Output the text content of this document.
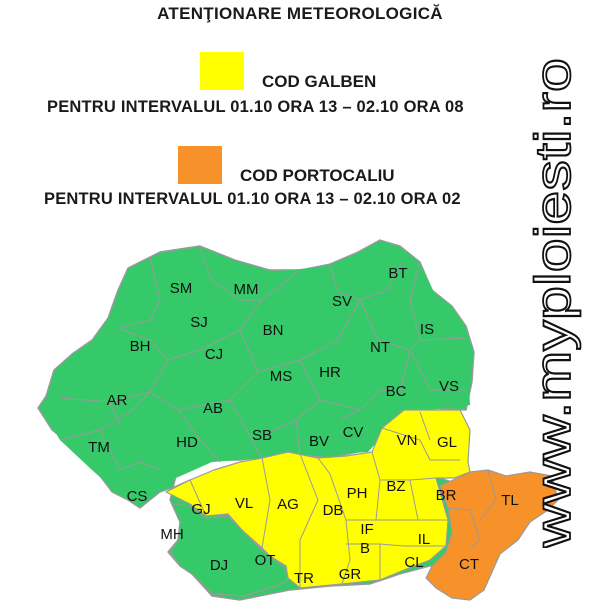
ATENŢIONARE METEOROLOGICĂ
COD GALBEN
PENTRU INTERVALUL 01.10 ORA 13 – 02.10 ORA 08
COD PORTOCALIU
PENTRU INTERVALUL 01.10 ORA 13 – 02.10 ORA 02
SM	MM
BT
SV
SJ	BN	IS
BH	CJ	NT
MS HR
AR
BC VS
AB
TM	HD	SB BV
CV VN GL
CS
GJ VL AG
PH BZ
BR	TL
DB
MH	IF
B
IL
DJ OT	CL CT
TR GR
www.myploiesti.ro
